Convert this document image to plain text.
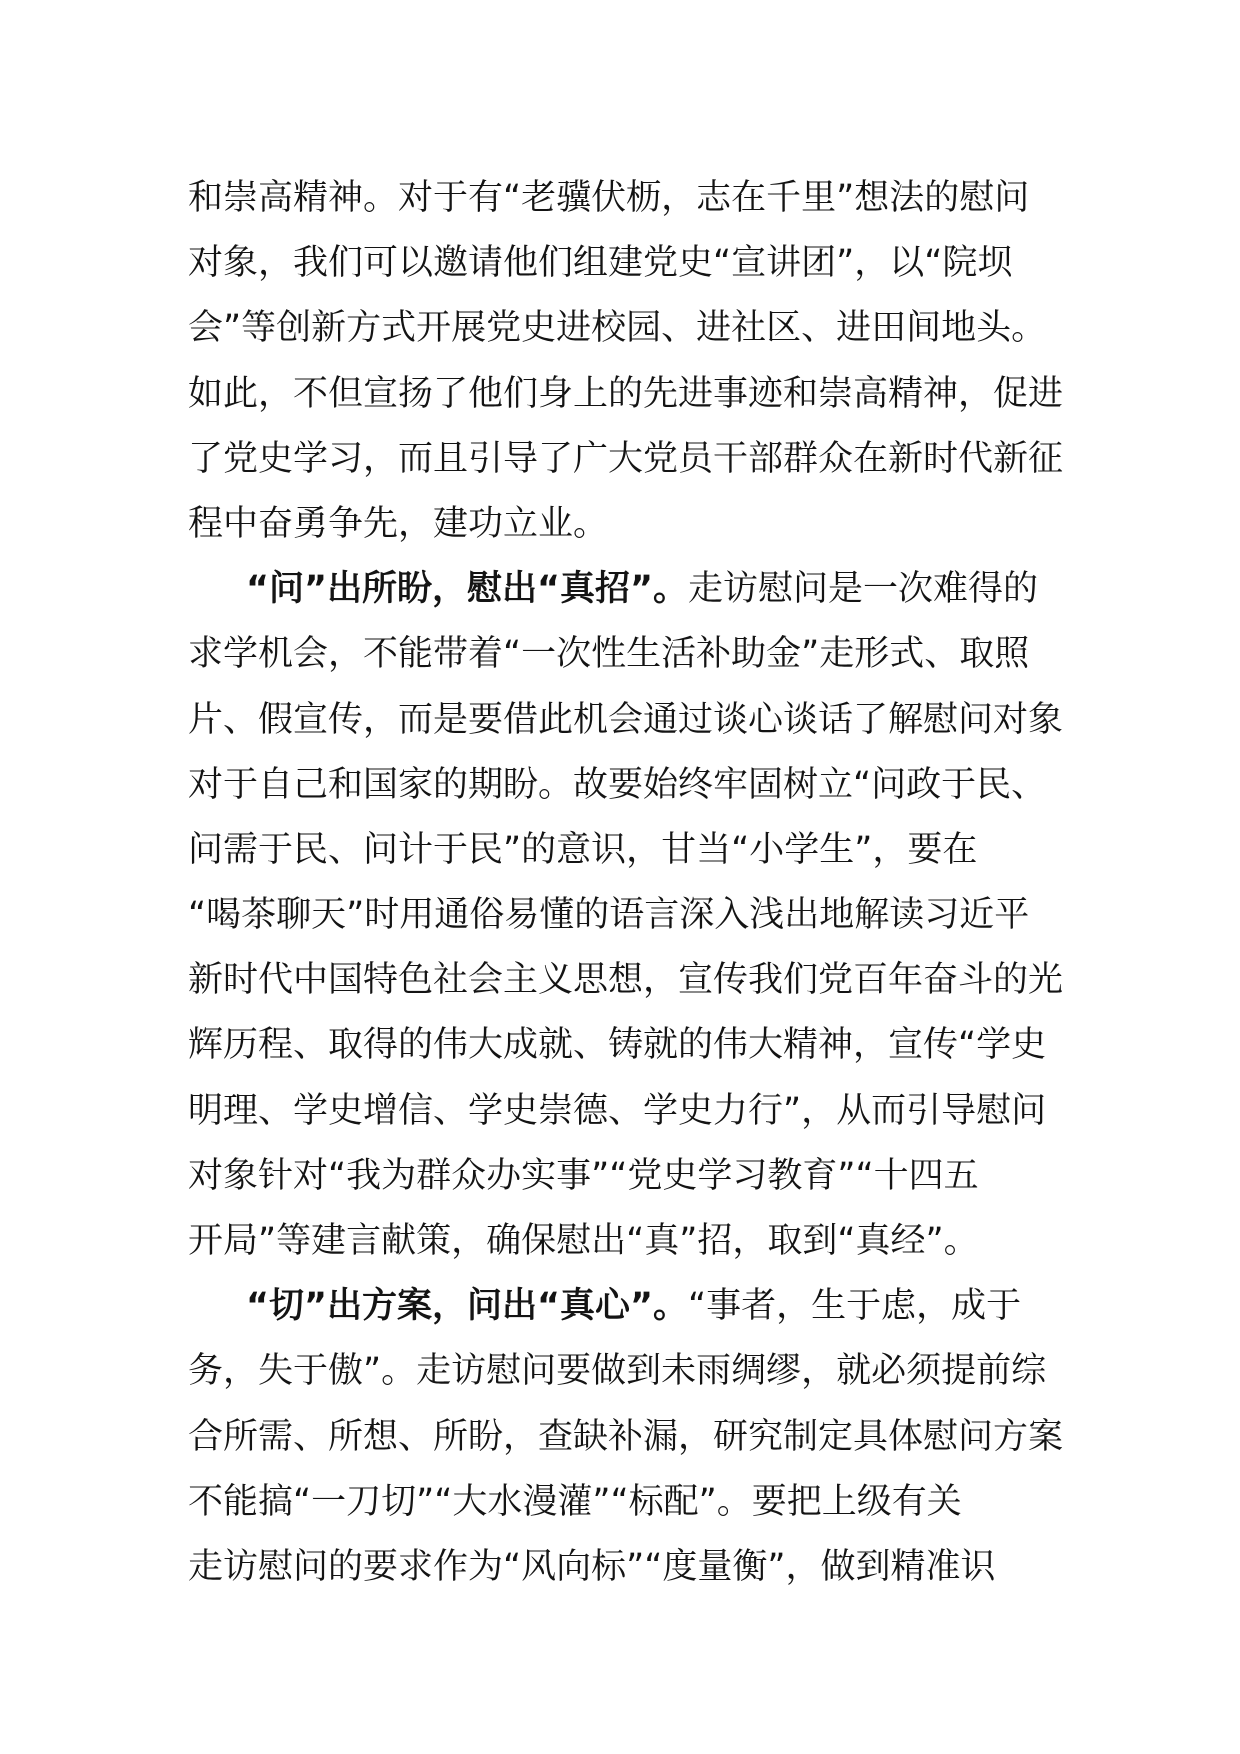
和崇高精神。对于有“老骥伏枥，志在千里”想法的慰问
对象，我们可以邀请他们组建党史“宣讲团”，以“院坝
会”等创新方式开展党史进校园、进社区、进田间地头。
如此，不但宣扬了他们身上的先进事迹和崇高精神，促进
了党史学习，而且引导了广大党员干部群众在新时代新征
程中奋勇争先，建功立业。
“问”出所盼，慰出“真招”。走访慰问是一次难得的
求学机会，不能带着“一次性生活补助金”走形式、取照
片、假宣传，而是要借此机会通过谈心谈话了解慰问对象
对于自己和国家的期盼。故要始终牢固树立“问政于民、
问需于民、问计于民”的意识，甘当“小学生”，要在
“喝茶聊天”时用通俗易懂的语言深入浅出地解读习近平
新时代中国特色社会主义思想，宣传我们党百年奋斗的光
辉历程、取得的伟大成就、铸就的伟大精神，宣传“学史
明理、学史增信、学史崇德、学史力行”，从而引导慰问
对象针对“我为群众办实事”“党史学习教育”“十四五
开局”等建言献策，确保慰出“真”招，取到“真经”。
“切”出方案，问出“真心”。“事者，生于虑，成于
务，失于傲”。走访慰问要做到未雨绸缪，就必须提前综
合所需、所想、所盼，查缺补漏，研究制定具体慰问方案
不能搞“一刀切”“大水漫灌”“标配”。要把上级有关
走访慰问的要求作为“风向标”“度量衡”，做到精准识
